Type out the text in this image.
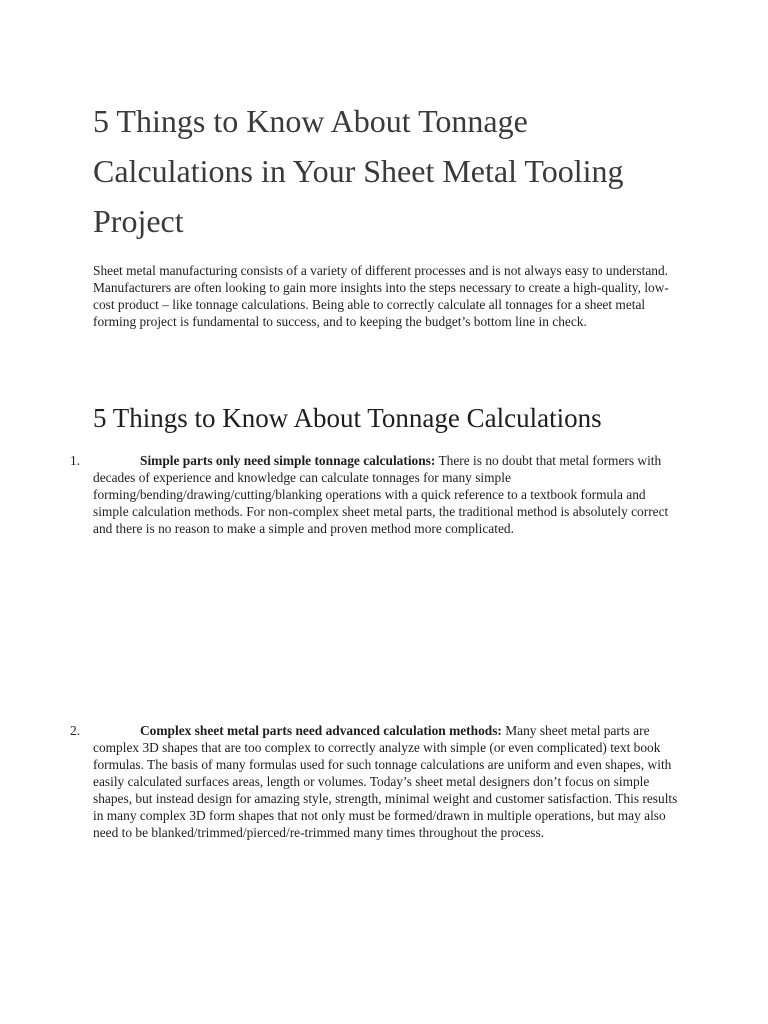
5 Things to Know About Tonnage Calculations in Your Sheet Metal Tooling Project

Sheet metal manufacturing consists of a variety of different processes and is not always easy to understand. Manufacturers are often looking to gain more insights into the steps necessary to create a high-quality, low-cost product – like tonnage calculations. Being able to correctly calculate all tonnages for a sheet metal forming project is fundamental to success, and to keeping the budget’s bottom line in check.

5 Things to Know About Tonnage Calculations

1.	Simple parts only need simple tonnage calculations: There is no doubt that metal formers with decades of experience and knowledge can calculate tonnages for many simple forming/bending/drawing/cutting/blanking operations with a quick reference to a textbook formula and simple calculation methods. For non-complex sheet metal parts, the traditional method is absolutely correct and there is no reason to make a simple and proven method more complicated.

2.	Complex sheet metal parts need advanced calculation methods: Many sheet metal parts are complex 3D shapes that are too complex to correctly analyze with simple (or even complicated) text book formulas. The basis of many formulas used for such tonnage calculations are uniform and even shapes, with easily calculated surfaces areas, length or volumes. Today’s sheet metal designers don’t focus on simple shapes, but instead design for amazing style, strength, minimal weight and customer satisfaction. This results in many complex 3D form shapes that not only must be formed/drawn in multiple operations, but may also need to be blanked/trimmed/pierced/re-trimmed many times throughout the process.
